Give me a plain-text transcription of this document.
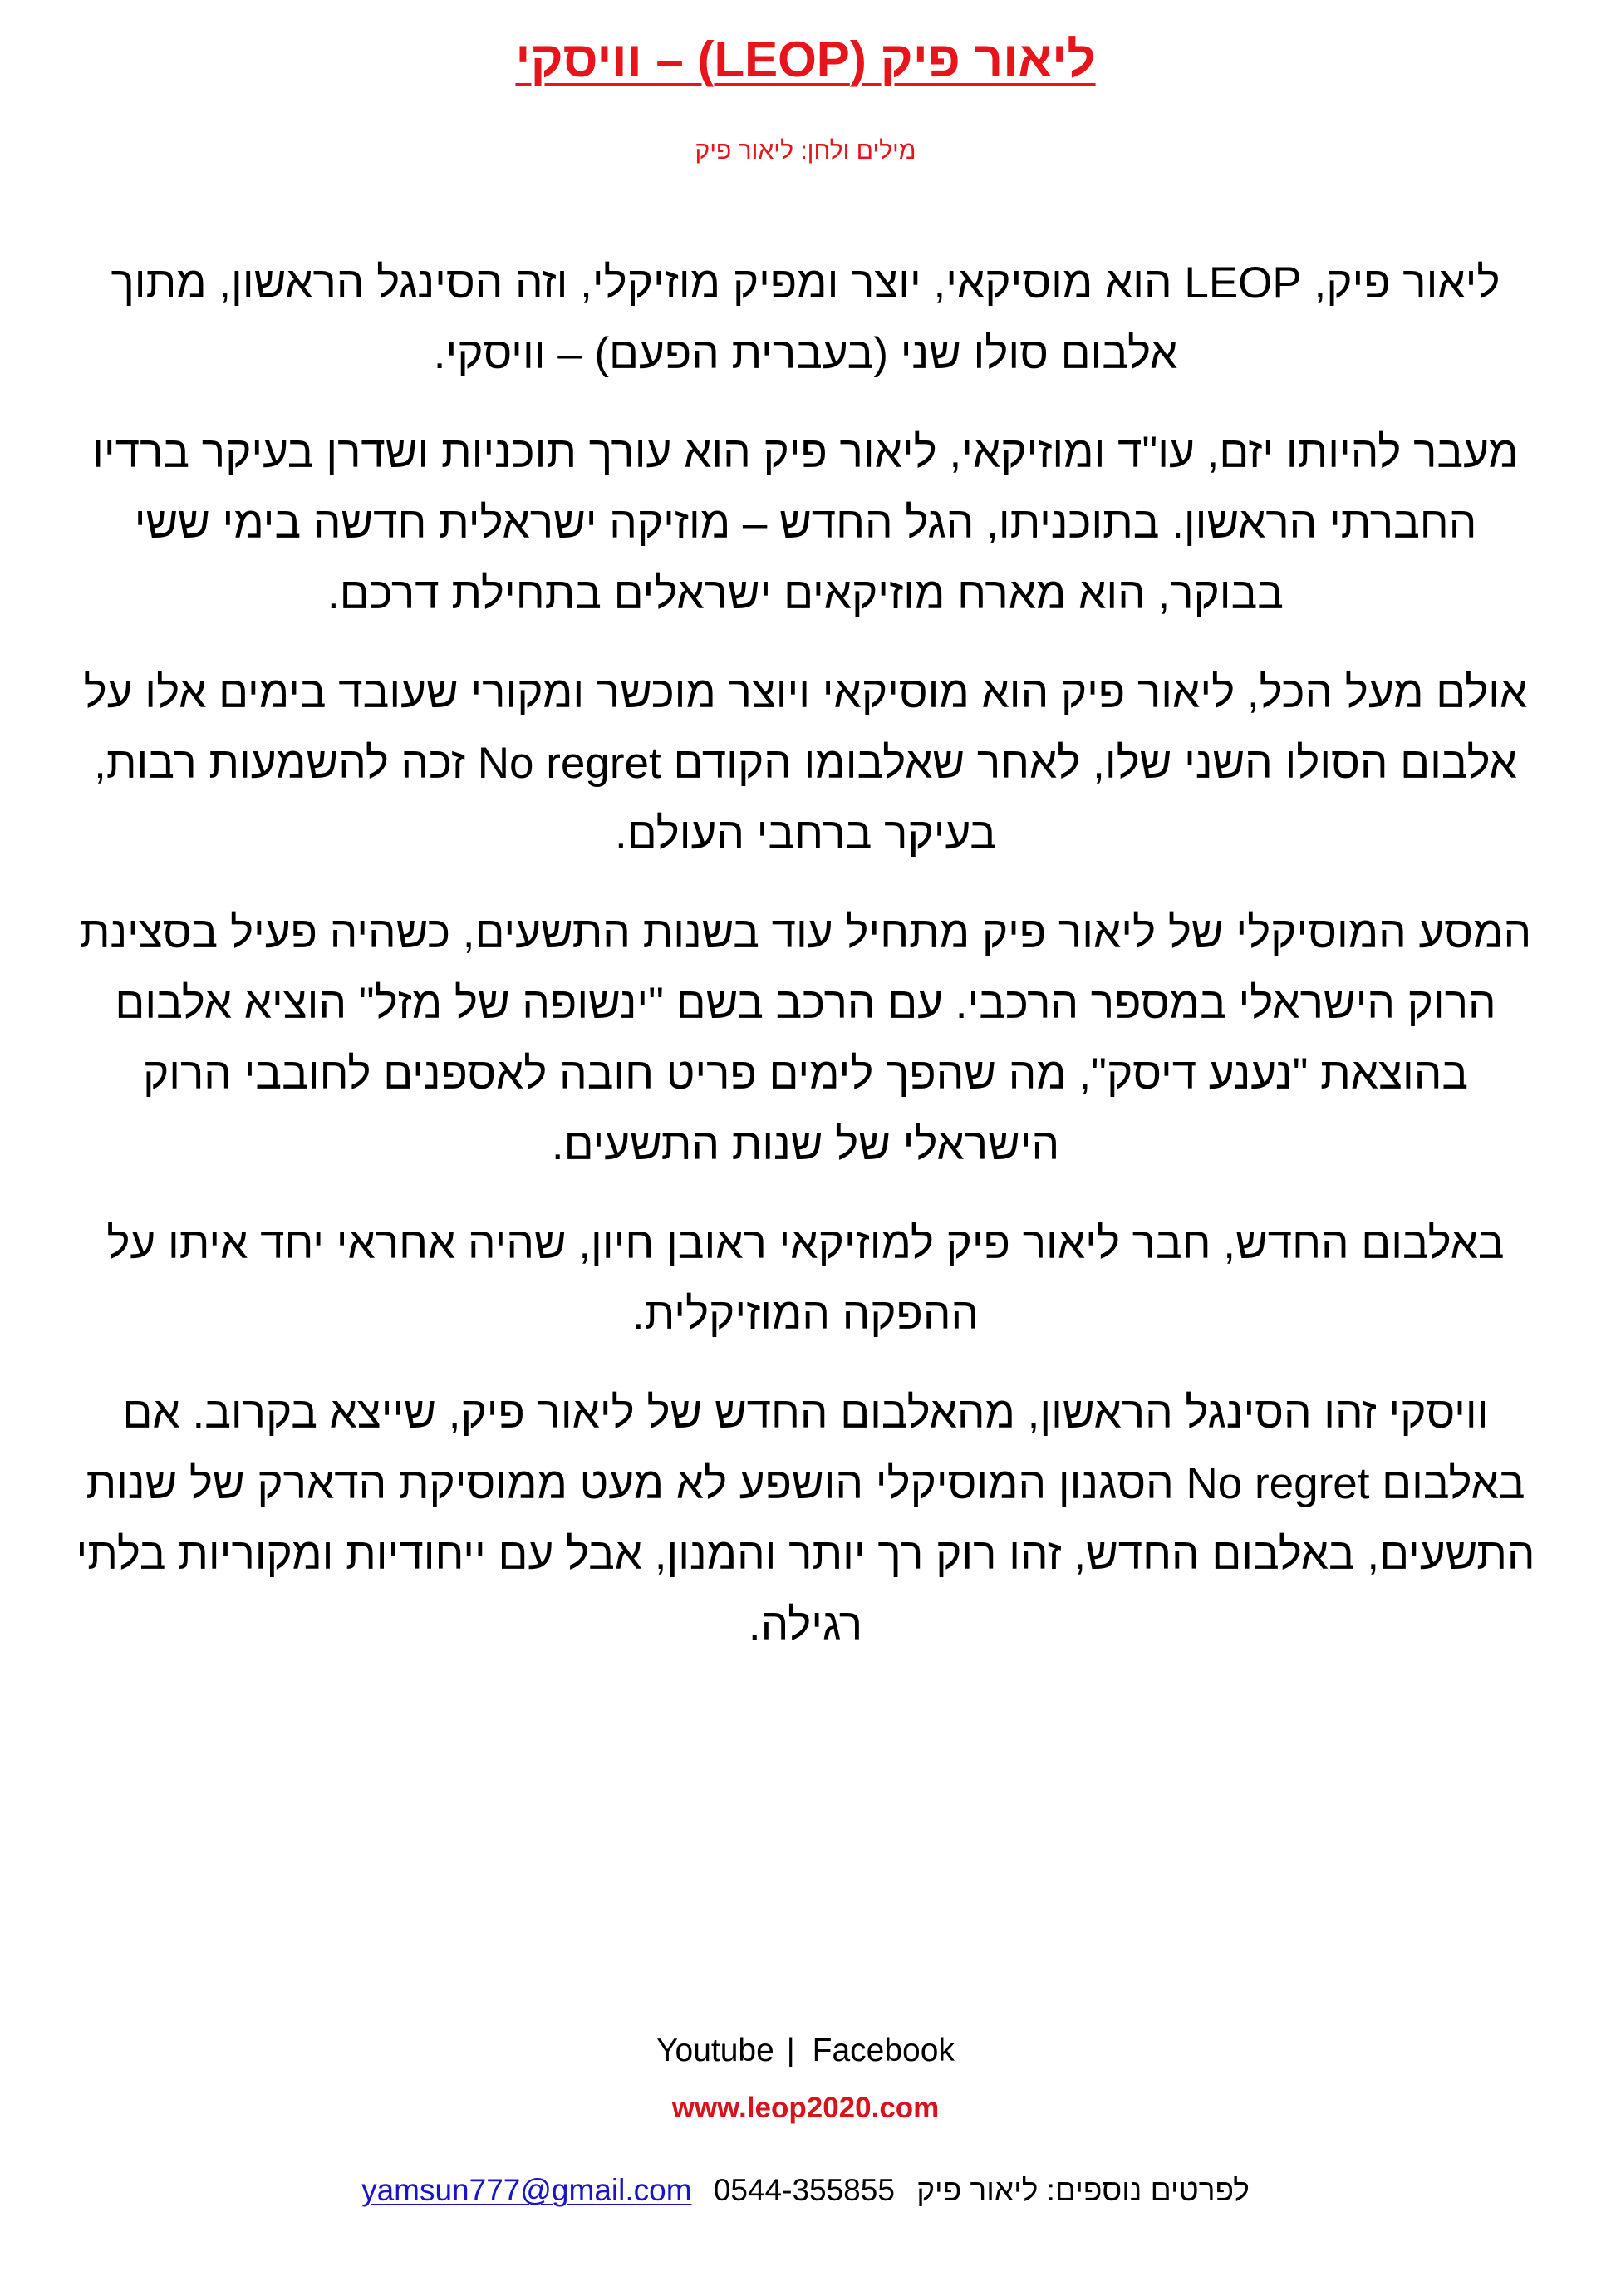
ליאור פיק (LEOP) – וויסקי
מילים ולחן: ליאור פיק

ליאור פיק, LEOP הוא מוסיקאי, יוצר ומפיק מוזיקלי, וזה הסינגל הראשון, מתוך אלבום סולו שני (בעברית הפעם) – וויסקי.

מעבר להיותו יזם, עו"ד ומוזיקאי, ליאור פיק הוא עורך תוכניות ושדרן בעיקר ברדיו החברתי הראשון. בתוכניתו, הגל החדש – מוזיקה ישראלית חדשה בימי ששי בבוקר, הוא מארח מוזיקאים ישראלים בתחילת דרכם.

אולם מעל הכל, ליאור פיק הוא מוסיקאי ויוצר מוכשר ומקורי שעובד בימים אלו על אלבום הסולו השני שלו, לאחר שאלבומו הקודם No regret זכה להשמעות רבות, בעיקר ברחבי העולם.

המסע המוסיקלי של ליאור פיק מתחיל עוד בשנות התשעים, כשהיה פעיל בסצינת הרוק הישראלי במספר הרכבי. עם הרכב בשם "ינשופה של מזל" הוציא אלבום בהוצאת "נענע דיסק", מה שהפך לימים פריט חובה לאספנים לחובבי הרוק הישראלי של שנות התשעים.

באלבום החדש, חבר ליאור פיק למוזיקאי ראובן חיון, שהיה אחראי יחד איתו על ההפקה המוזיקלית.

וויסקי זהו הסינגל הראשון, מהאלבום החדש של ליאור פיק, שייצא בקרוב. אם באלבום No regret הסגנון המוסיקלי הושפע לא מעט ממוסיקת הדארק של שנות התשעים, באלבום החדש, זהו רוק רך יותר והמנון, אבל עם ייחודיות ומקוריות בלתי רגילה.

Youtube | Facebook
www.leop2020.com
לפרטים נוספים: ליאור פיק 0544-355855 yamsun777@gmail.com
